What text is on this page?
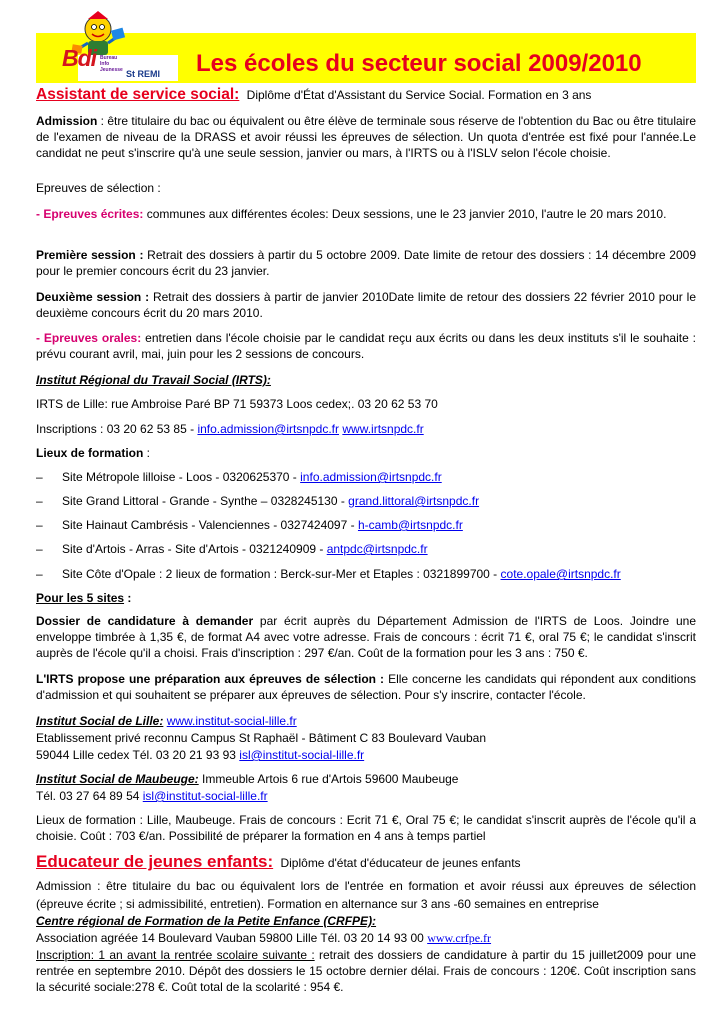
Bdi Bureau Info Jeunesse St REMI Les écoles du secteur social 2009/2010
Assistant de service social: Diplôme d'État d'Assistant du Service Social. Formation en 3 ans
Admission : être titulaire du bac ou équivalent ou être élève de terminale sous réserve de l'obtention du Bac ou être titulaire de l'examen de niveau de la DRASS et avoir réussi les épreuves de sélection. Un quota d'entrée est fixé pour l'année.Le candidat ne peut s'inscrire qu'à une seule session, janvier ou mars, à l'IRTS ou à l'ISLV selon l'école choisie.
Epreuves de sélection :
- Epreuves écrites: communes aux différentes écoles: Deux sessions, une le 23 janvier 2010, l'autre le 20 mars 2010.
Première session : Retrait des dossiers à partir du 5 octobre 2009. Date limite de retour des dossiers : 14 décembre 2009 pour le premier concours écrit du 23 janvier.
Deuxième session : Retrait des dossiers à partir de janvier 2010Date limite de retour des dossiers 22 février 2010 pour le deuxième concours écrit du 20 mars 2010.
- Epreuves orales: entretien dans l'école choisie par le candidat reçu aux écrits ou dans les deux instituts s'il le souhaite : prévu courant avril, mai, juin pour les 2 sessions de concours.
Institut Régional du Travail Social (IRTS):
IRTS de Lille: rue Ambroise Paré BP 71 59373 Loos cedex;. 03 20 62 53 70
Inscriptions : 03 20 62 53 85 - info.admission@irtsnpdc.fr www.irtsnpdc.fr
Lieux de formation :
– Site Métropole lilloise - Loos - 0320625370 - info.admission@irtsnpdc.fr
– Site Grand Littoral - Grande - Synthe – 0328245130 - grand.littoral@irtsnpdc.fr
– Site Hainaut Cambrésis - Valenciennes - 0327424097 - h-camb@irtsnpdc.fr
– Site d'Artois - Arras - Site d'Artois - 0321240909 - antpdc@irtsnpdc.fr
– Site Côte d'Opale : 2 lieux de formation : Berck-sur-Mer et Etaples : 0321899700 - cote.opale@irtsnpdc.fr
Pour les 5 sites :
Dossier de candidature à demander par écrit auprès du Département Admission de l'IRTS de Loos. Joindre une enveloppe timbrée à 1,35 €, de format A4 avec votre adresse. Frais de concours : écrit 71 €, oral 75 €; le candidat s'inscrit auprès de l'école qu'il a choisi. Frais d'inscription : 297 €/an. Coût de la formation pour les 3 ans : 750 €.
L'IRTS propose une préparation aux épreuves de sélection : Elle concerne les candidats qui répondent aux conditions d'admission et qui souhaitent se préparer aux épreuves de sélection. Pour s'y inscrire, contacter l'école.
Institut Social de Lille: www.institut-social-lille.fr
Etablissement privé reconnu Campus St Raphaël - Bâtiment C 83 Boulevard Vauban
59044 Lille cedex Tél. 03 20 21 93 93 isl@institut-social-lille.fr
Institut Social de Maubeuge: Immeuble Artois 6 rue d'Artois 59600 Maubeuge
Tél. 03 27 64 89 54 isl@institut-social-lille.fr
Lieux de formation : Lille, Maubeuge. Frais de concours : Ecrit 71 €, Oral 75 €; le candidat s'inscrit auprès de l'école qu'il a choisie. Coût : 703 €/an. Possibilité de préparer la formation en 4 ans à temps partiel
Educateur de jeunes enfants: Diplôme d'état d'éducateur de jeunes enfants
Admission : être titulaire du bac ou équivalent lors de l'entrée en formation et avoir réussi aux épreuves de sélection (épreuve écrite ; si admissibilité, entretien). Formation en alternance sur 3 ans -60 semaines en entreprise
Centre régional de Formation de la Petite Enfance (CRFPE):
Association agréée 14 Boulevard Vauban 59800 Lille Tél. 03 20 14 93 00 www.crfpe.fr
Inscription: 1 an avant la rentrée scolaire suivante : retrait des dossiers de candidature à partir du 15 juillet2009 pour une rentrée en septembre 2010. Dépôt des dossiers le 15 octobre dernier délai. Frais de concours : 120€. Coût inscription sans la sécurité sociale:278 €. Coût total de la scolarité : 954 €.
